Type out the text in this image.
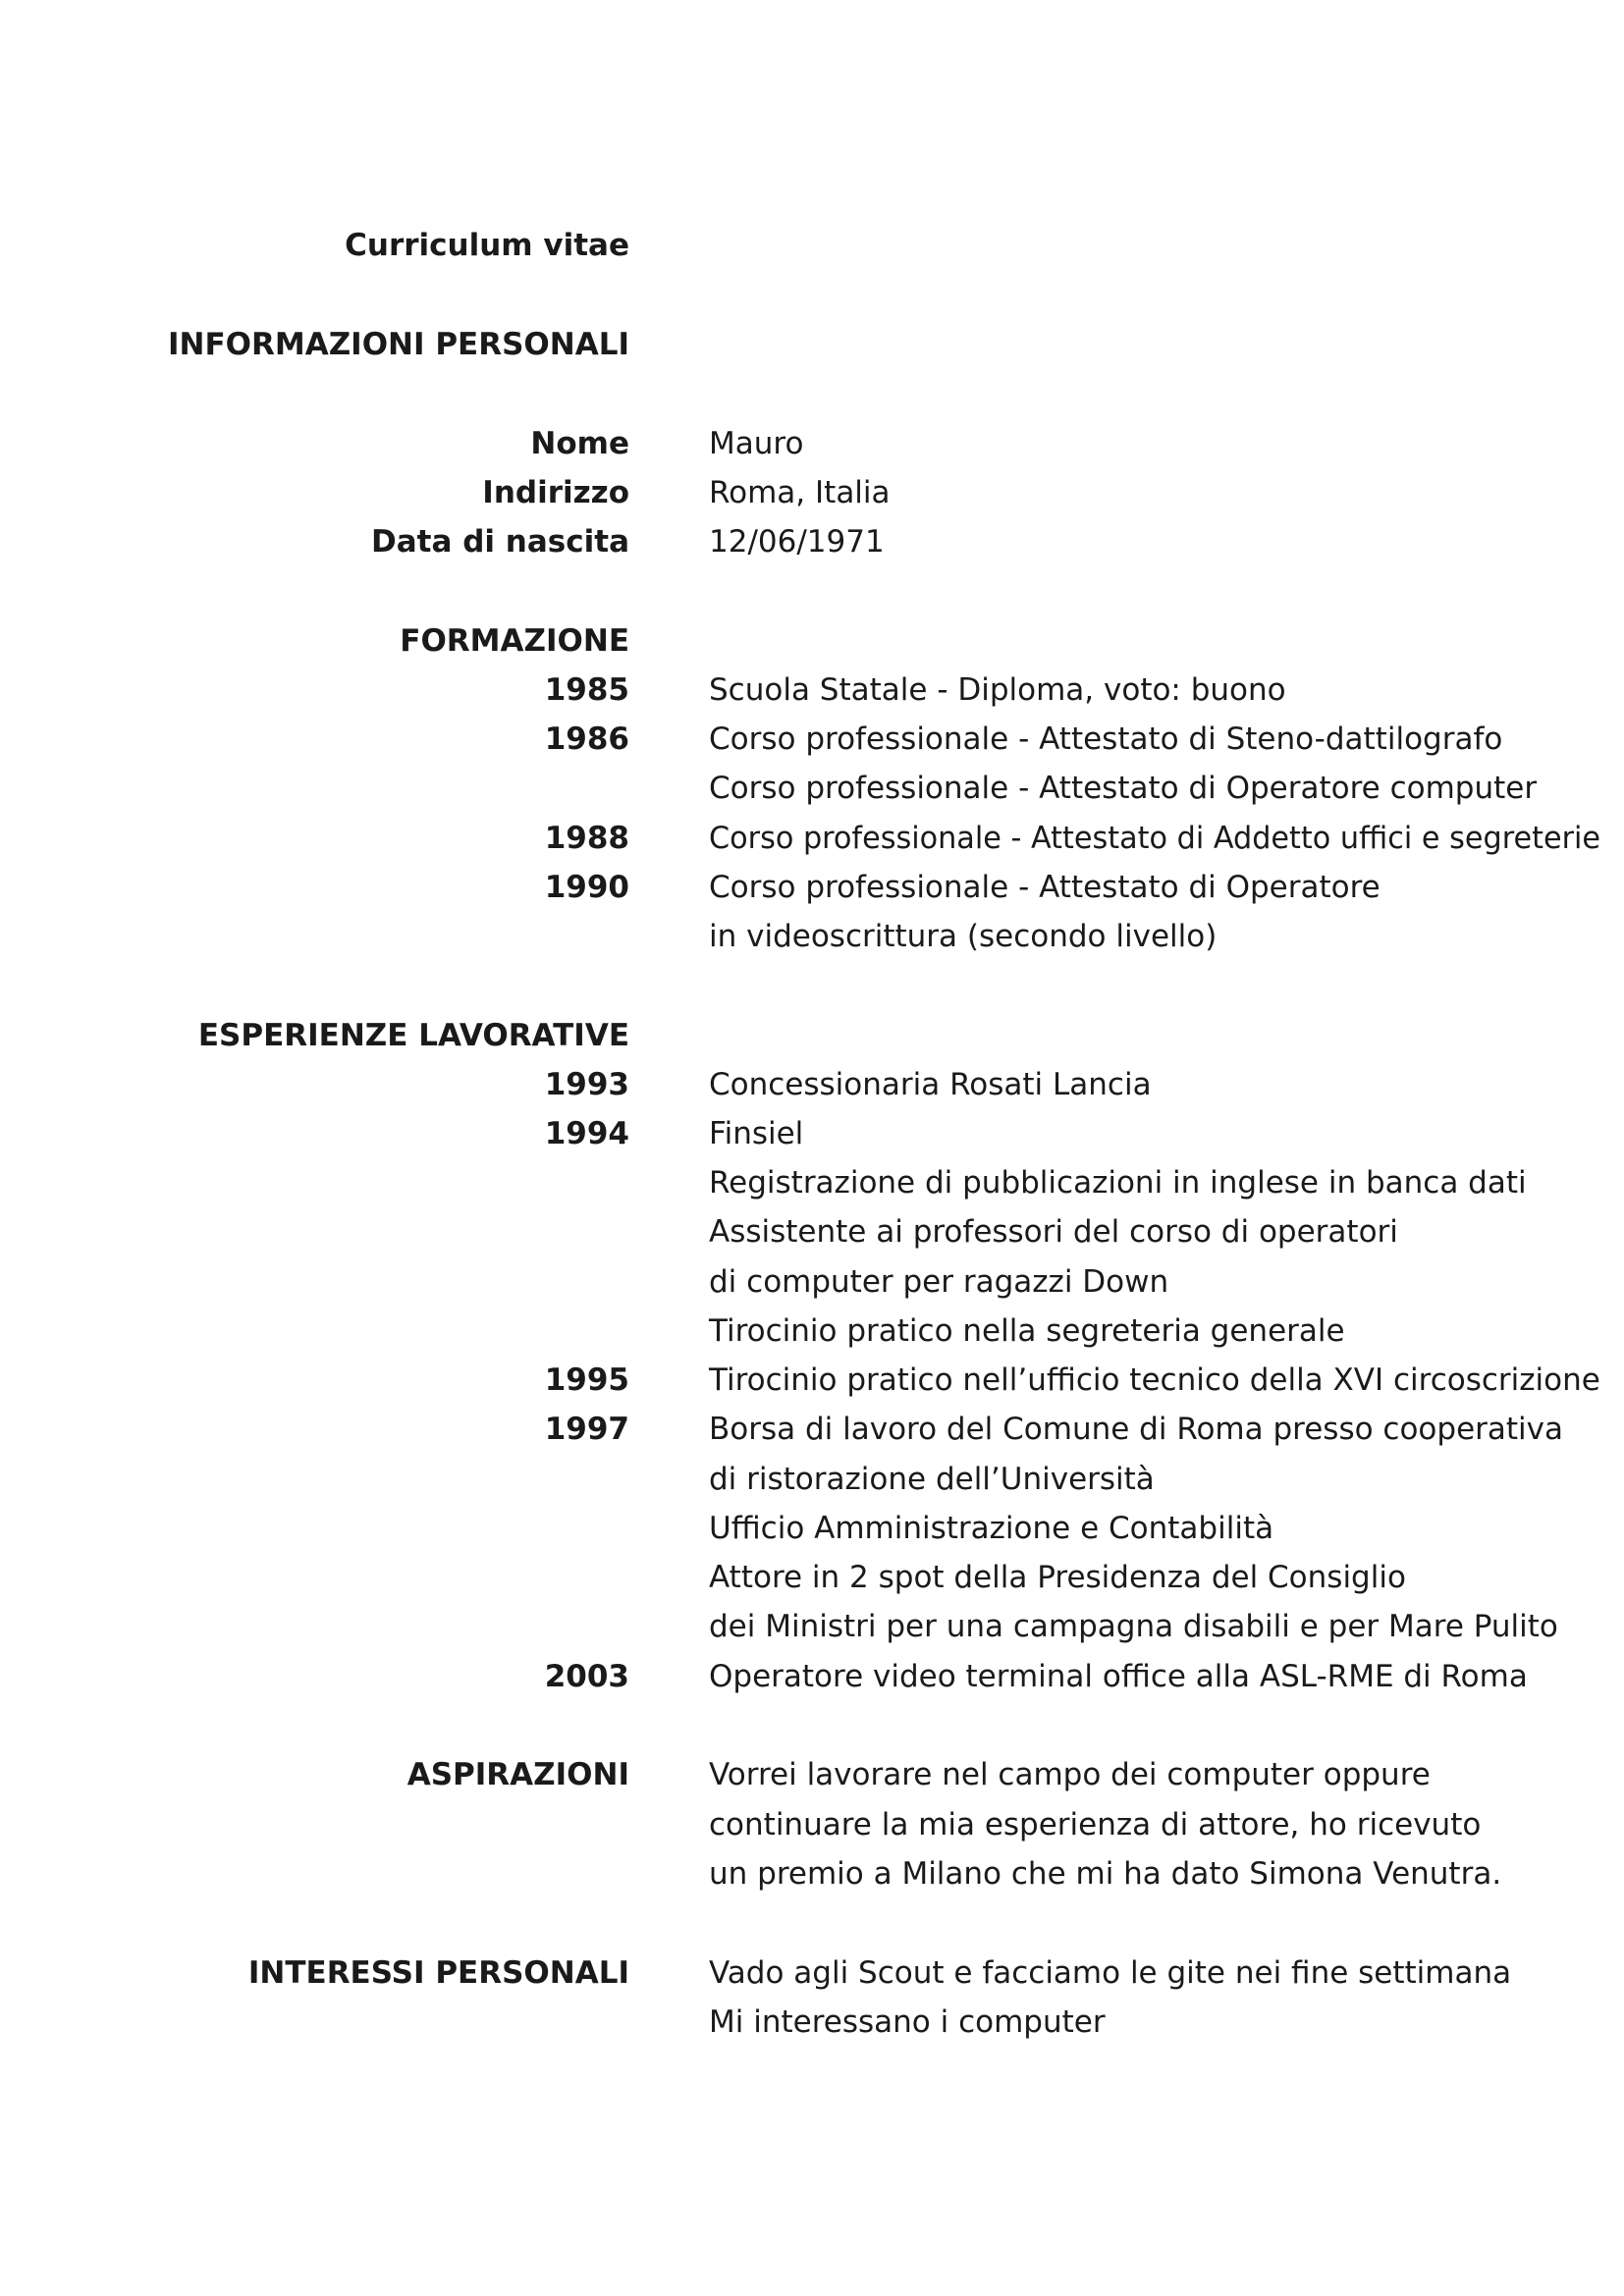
Curriculum vitae
INFORMAZIONI PERSONALI
Nome	Mauro
Indirizzo	Roma, Italia
Data di nascita	12/06/1971
FORMAZIONE
1985	Scuola Statale - Diploma, voto: buono
1986	Corso professionale - Attestato di Steno-dattilografo
Corso professionale - Attestato di Operatore computer
1988	Corso professionale - Attestato di Addetto uffici e segreterie
1990	Corso professionale - Attestato di Operatore
in videoscrittura (secondo livello)
ESPERIENZE LAVORATIVE
1993	Concessionaria Rosati Lancia
1994	Finsiel
Registrazione di pubblicazioni in inglese in banca dati
Assistente ai professori del corso di operatori
di computer per ragazzi Down
Tirocinio pratico nella segreteria generale
1995	Tirocinio pratico nell’ufficio tecnico della XVI circoscrizione
1997	Borsa di lavoro del Comune di Roma presso cooperativa
di ristorazione dell’Università
Ufficio Amministrazione e Contabilità
Attore in 2 spot della Presidenza del Consiglio
dei Ministri per una campagna disabili e per Mare Pulito
2003	Operatore video terminal office alla ASL-RME di Roma
ASPIRAZIONI	Vorrei lavorare nel campo dei computer oppure
continuare la mia esperienza di attore, ho ricevuto
un premio a Milano che mi ha dato Simona Venutra.
INTERESSI PERSONALI	Vado agli Scout e facciamo le gite nei fine settimana
Mi interessano i computer
